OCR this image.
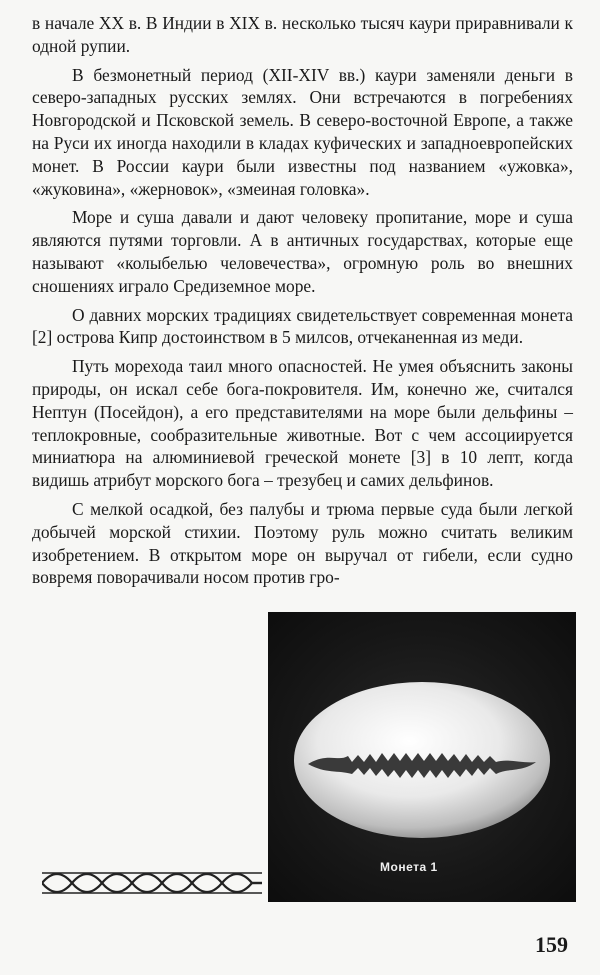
в начале XX в. В Индии в XIX в. несколько тысяч каури приравнивали к одной рупии.

В безмонетный период (XII-XIV вв.) каури заменяли деньги в северо-западных русских землях. Они встречаются в погребениях Новгородской и Псковской земель. В северо-восточной Европе, а также на Руси их иногда находили в кладах куфических и западноевропейских монет. В России каури были известны под названием «ужовка», «жуковина», «жерновок», «змеиная головка».

Море и суша давали и дают человеку пропитание, море и суша являются путями торговли. А в античных государствах, которые еще называют «колыбелью человечества», огромную роль во внешних сношениях играло Средиземное море.

О давних морских традициях свидетельствует современная монета [2] острова Кипр достоинством в 5 милсов, отчеканенная из меди.

Путь морехода таил много опасностей. Не умея объяснить законы природы, он искал себе бога-покровителя. Им, конечно же, считался Нептун (Посейдон), а его представителями на море были дельфины – теплокровные, сообразительные животные. Вот с чем ассоциируется миниатюра на алюминиевой греческой монете [3] в 10 лепт, когда видишь атрибут морского бога – трезубец и самих дельфинов.

С мелкой осадкой, без палубы и трюма первые суда были легкой добычей морской стихии. Поэтому руль можно считать великим изобретением. В открытом море он выручал от гибели, если судно вовремя поворачивали носом против гро-

Монета 1
159
